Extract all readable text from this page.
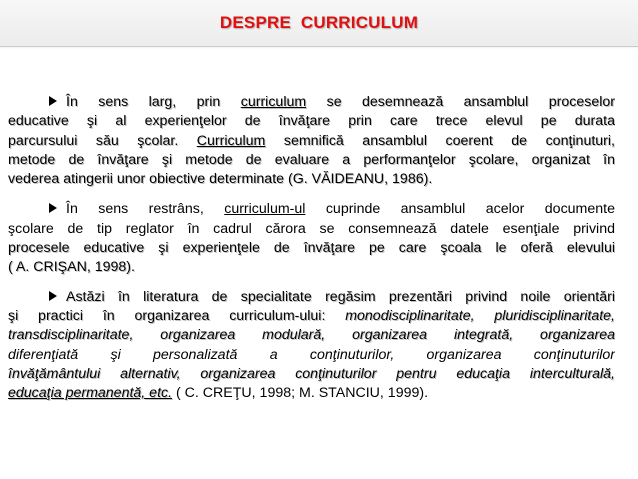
DESPRE  CURRICULUM
În sens larg, prin curriculum se desemnează ansamblul proceselor
educative şi al experienţelor de învăţare prin care trece elevul pe durata
parcursului său şcolar. Curriculum semnifică ansamblul coerent de conţinuturi,
metode de învăţare şi metode de evaluare a performanţelor şcolare, organizat în
vederea atingerii unor obiective determinate (G. VĂIDEANU, 1986).
În sens restrâns, curriculum-ul cuprinde ansamblul acelor documente
şcolare de tip reglator în cadrul cărora se consemnează datele esenţiale privind
procesele educative şi experienţele de învăţare pe care şcoala le oferă elevului
( A. CRIŞAN, 1998).
Astăzi în literatura de specialitate regăsim prezentări privind noile orientări
şi practici în organizarea curriculum-ului: monodisciplinaritate, pluridisciplinaritate,
transdisciplinaritate, organizarea modulară, organizarea integrată, organizarea
diferenţiată şi personalizată a conţinuturilor, organizarea conţinuturilor
învăţământului alternativ, organizarea conţinuturilor pentru educaţia interculturală,
educaţia permanentă, etc. ( C. CREŢU, 1998; M. STANCIU, 1999).
